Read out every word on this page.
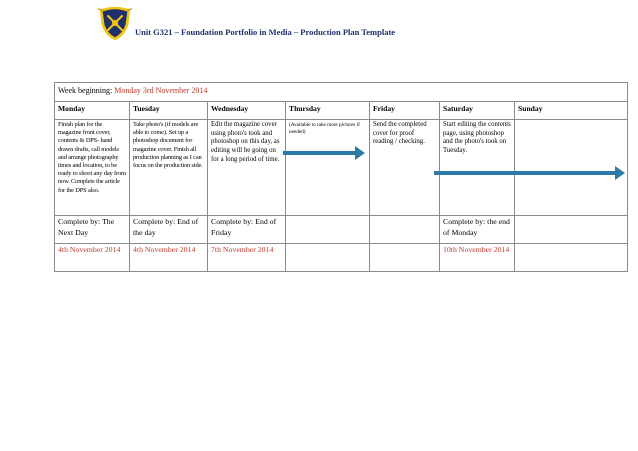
Unit G321 – Foundation Portfolio in Media – Production Plan Template
Week beginning: Monday 3rd November 2014						
Monday	Tuesday	Wednesday	Thursday	Friday	Saturday	Sunday
Finish plan for the magazine front cover, contents & DPS- hand drawn drafts, call models and arrange photography times and location, to be ready to shoot any day from now. Complete the article for the DPS also.	Take photo's (if models are able to come). Set up a photoshop document for magazine cover. Finish all production planning as I can focus on the production side.	Edit the magazine cover using photo's took and photoshop on this day, as editing will be going on for a long period of time.	(Available to take more pictures if needed)	Send the completed cover for proof reading / checking.	Start editing the contents page, using photoshop and the photo's took on Tuesday.	
Complete by: The Next Day	Complete by: End of the day	Complete by: End of Friday			Complete by: the end of Monday	
4th November 2014	4th November 2014	7th November 2014			10th November 2014	
